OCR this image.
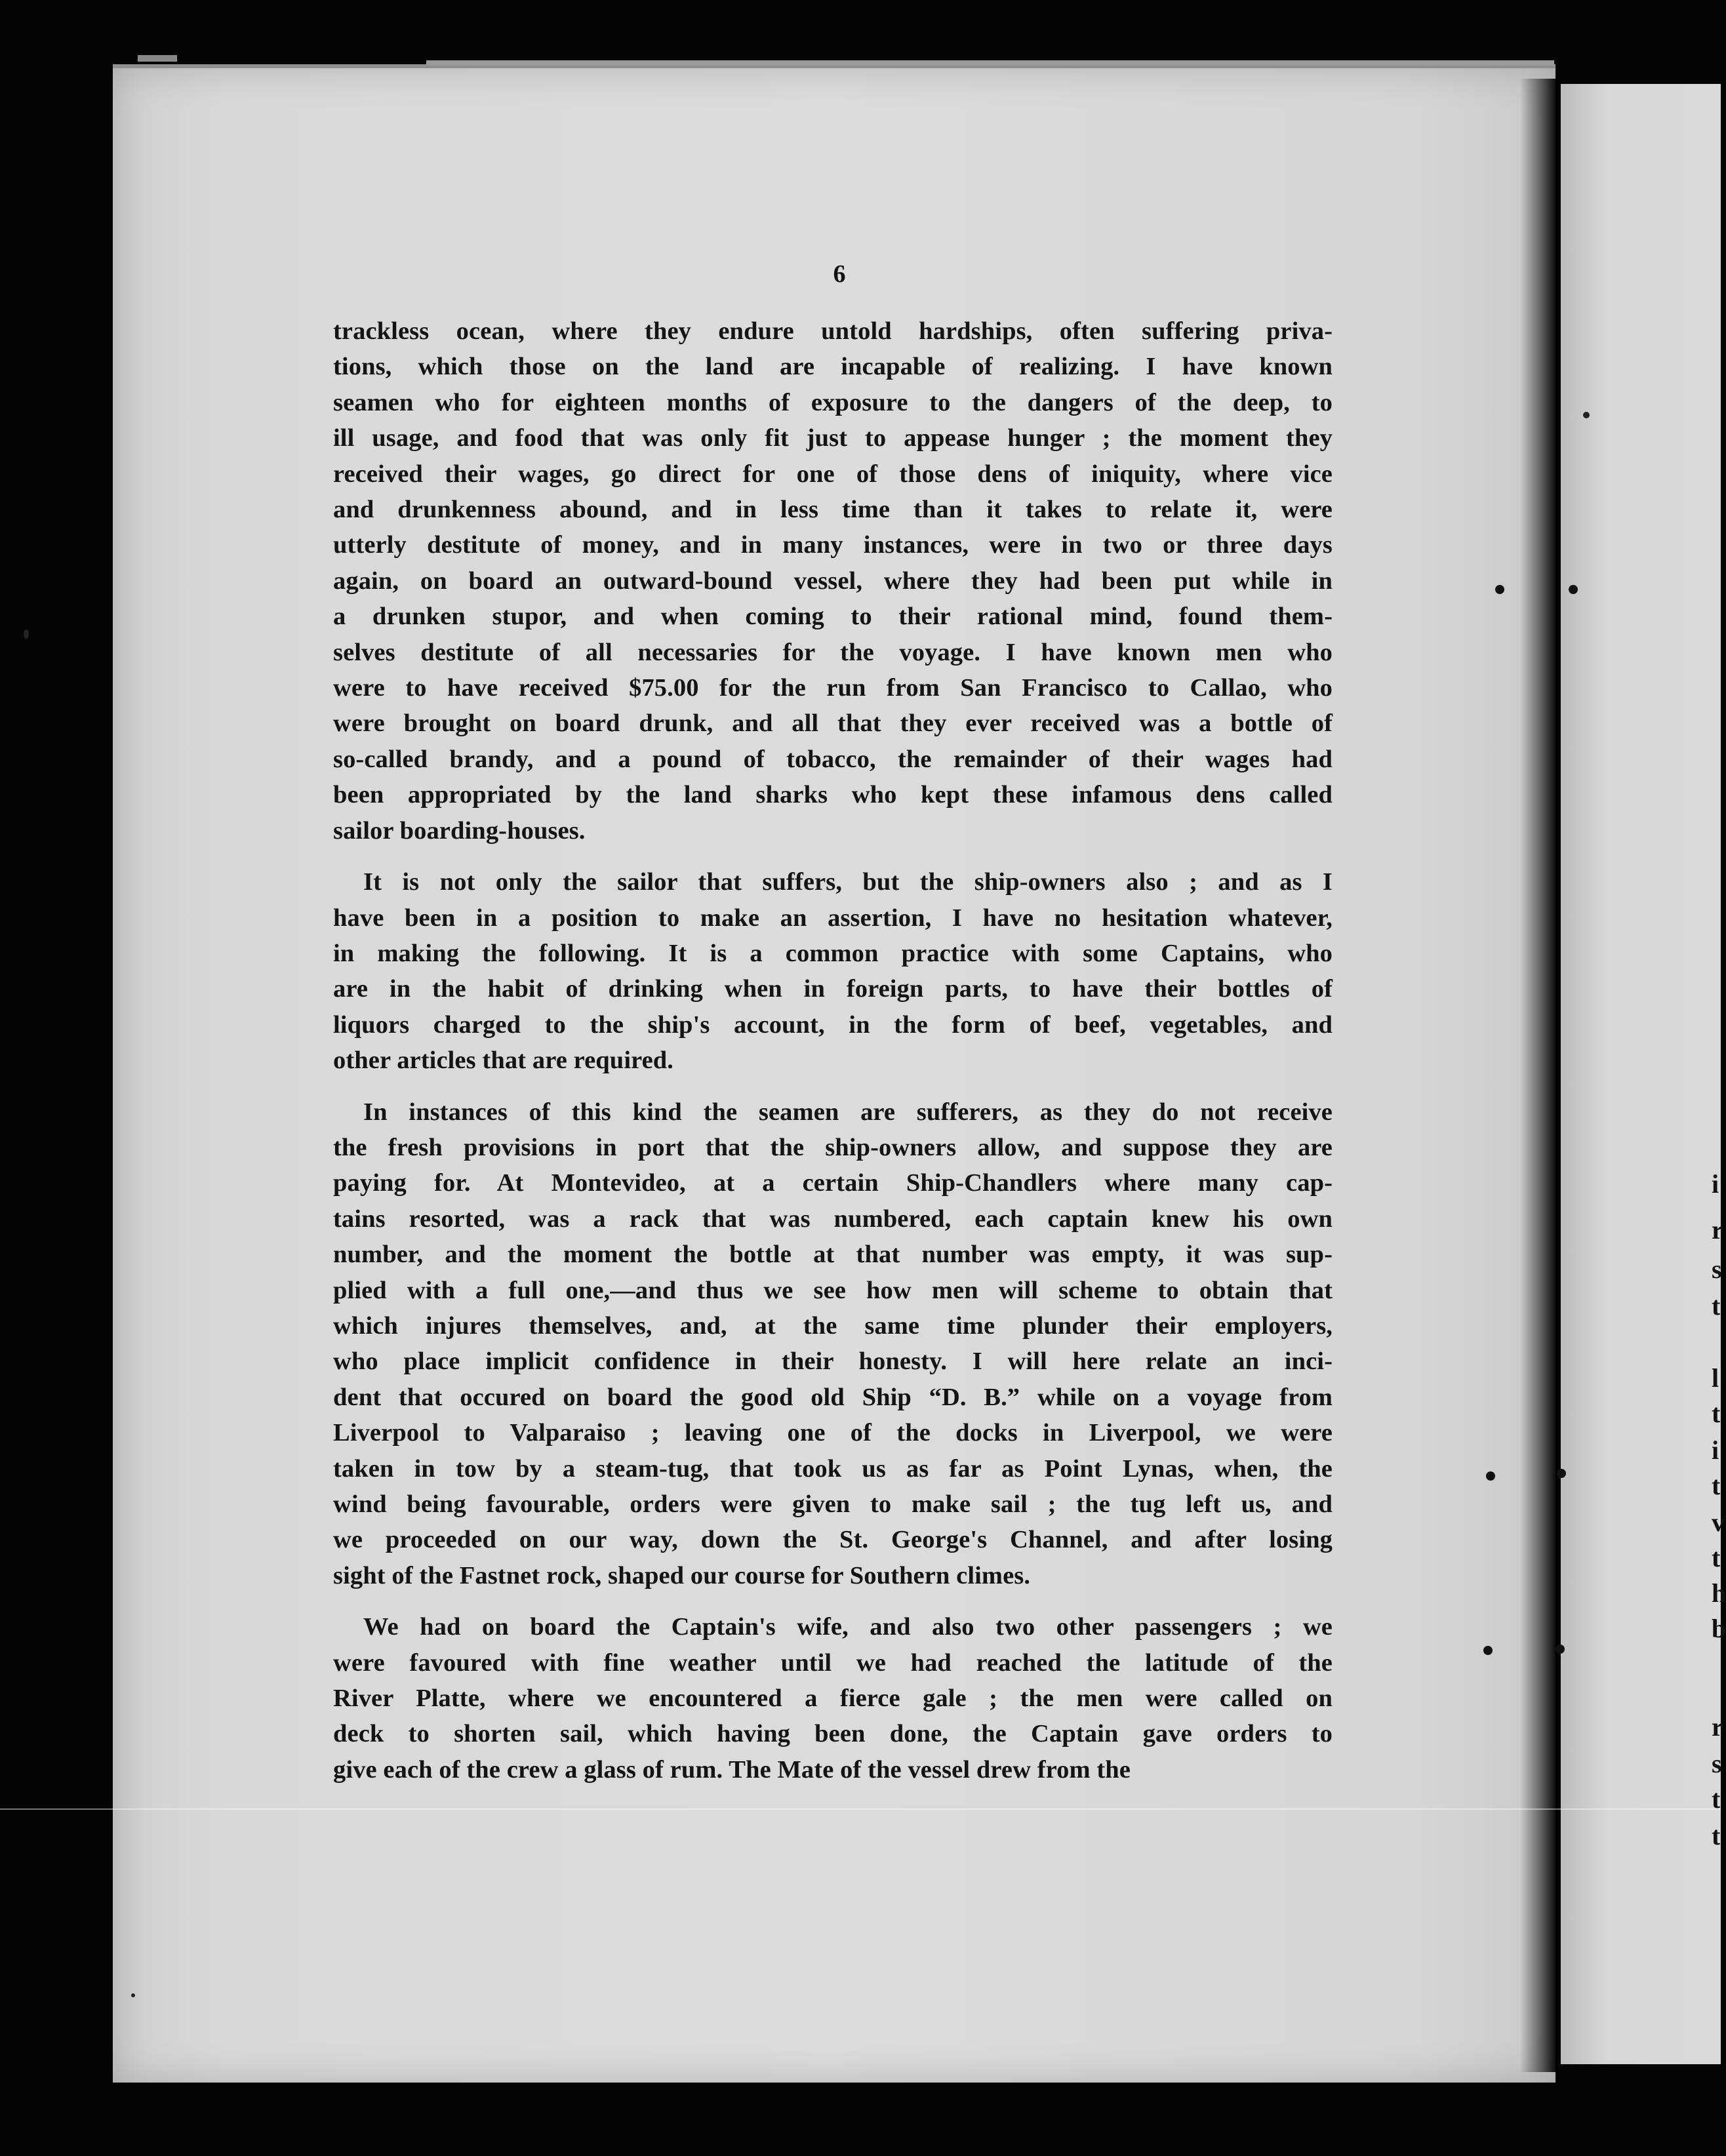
i
r
s
t
l
t
i
t
v
t
h
b
r
s
t
t
6
trackless ocean, where they endure untold hardships, often suffering priva-
tions, which those on the land are incapable of realizing. I have known
seamen who for eighteen months of exposure to the dangers of the deep, to
ill usage, and food that was only fit just to appease hunger ; the moment they
received their wages, go direct for one of those dens of iniquity, where vice
and drunkenness abound, and in less time than it takes to relate it, were
utterly destitute of money, and in many instances, were in two or three days
again, on board an outward-bound vessel, where they had been put while in
a drunken stupor, and when coming to their rational mind, found them-
selves destitute of all necessaries for the voyage. I have known men who
were to have received $75.00 for the run from San Francisco to Callao, who
were brought on board drunk, and all that they ever received was a bottle of
so-called brandy, and a pound of tobacco, the remainder of their wages had
been appropriated by the land sharks who kept these infamous dens called
sailor boarding-houses.
It is not only the sailor that suffers, but the ship-owners also ; and as I
have been in a position to make an assertion, I have no hesitation whatever,
in making the following. It is a common practice with some Captains, who
are in the habit of drinking when in foreign parts, to have their bottles of
liquors charged to the ship's account, in the form of beef, vegetables, and
other articles that are required.
In instances of this kind the seamen are sufferers, as they do not receive
the fresh provisions in port that the ship-owners allow, and suppose they are
paying for. At Montevideo, at a certain Ship-Chandlers where many cap-
tains resorted, was a rack that was numbered, each captain knew his own
number, and the moment the bottle at that number was empty, it was sup-
plied with a full one,—and thus we see how men will scheme to obtain that
which injures themselves, and, at the same time plunder their employers,
who place implicit confidence in their honesty. I will here relate an inci-
dent that occured on board the good old Ship “D. B.” while on a voyage from
Liverpool to Valparaiso ; leaving one of the docks in Liverpool, we were
taken in tow by a steam-tug, that took us as far as Point Lynas, when, the
wind being favourable, orders were given to make sail ; the tug left us, and
we proceeded on our way, down the St. George's Channel, and after losing
sight of the Fastnet rock, shaped our course for Southern climes.
We had on board the Captain's wife, and also two other passengers ; we
were favoured with fine weather until we had reached the latitude of the
River Platte, where we encountered a fierce gale ; the men were called on
deck to shorten sail, which having been done, the Captain gave orders to
give each of the crew a glass of rum. The Mate of the vessel drew from the
